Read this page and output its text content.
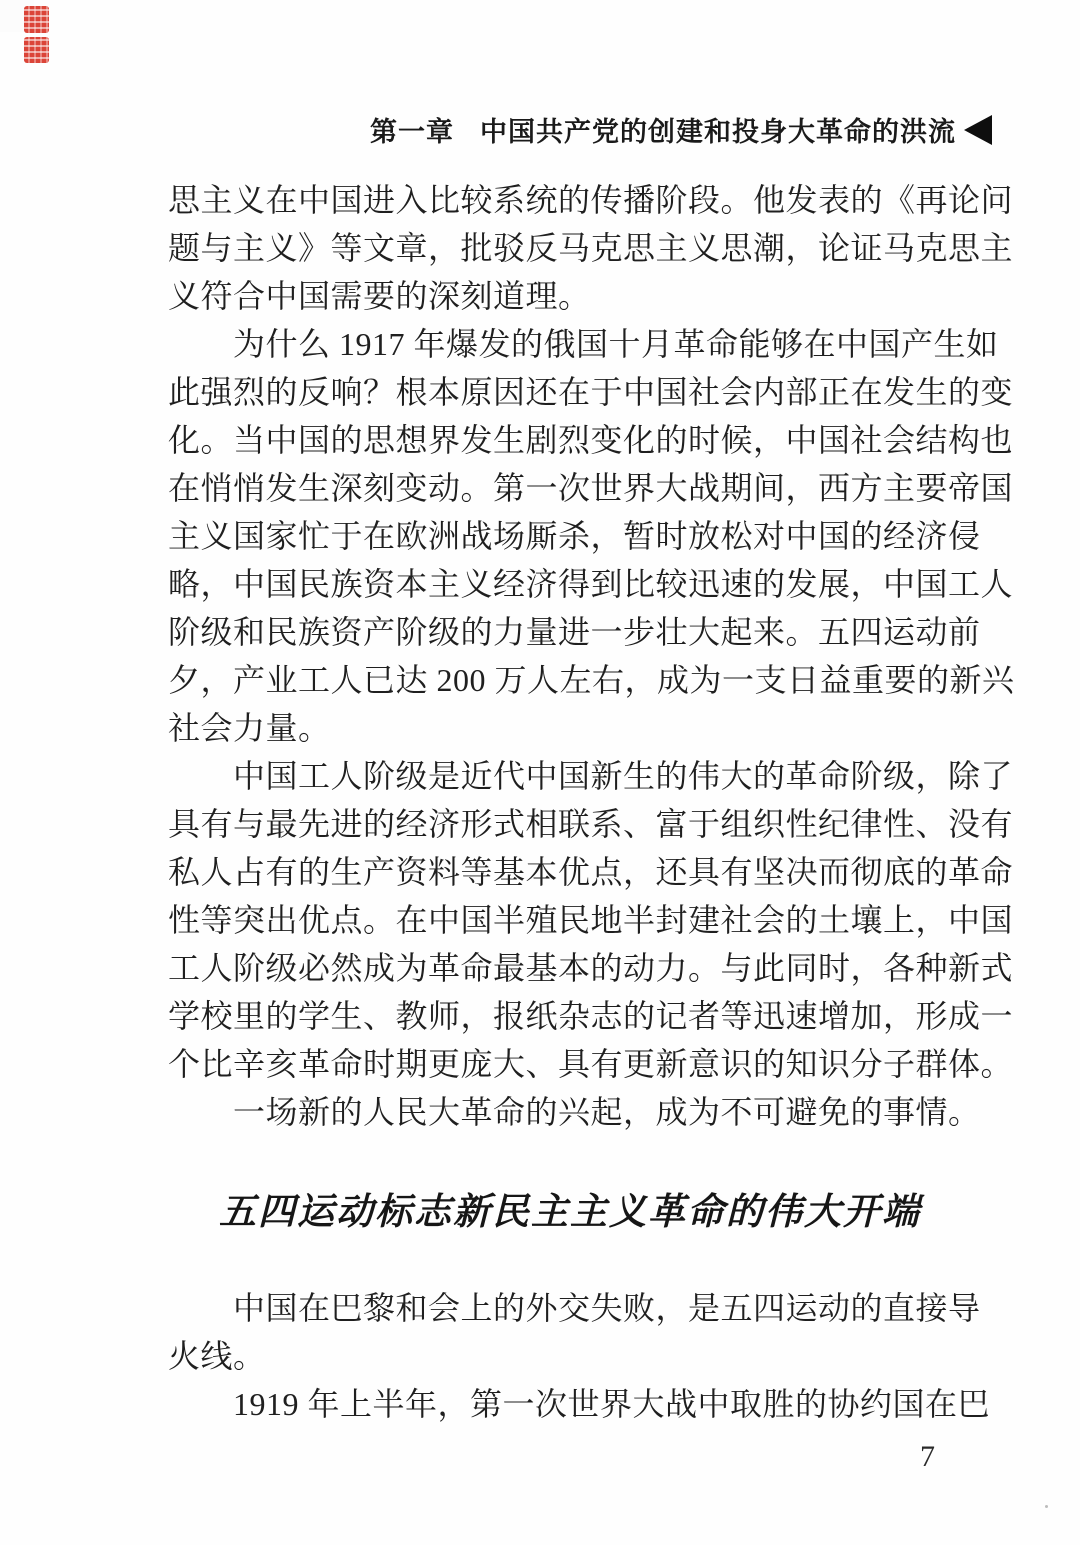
第一章 中国共产党的创建和投身大革命的洪流
思主义在中国进入比较系统的传播阶段。他发表的《再论问
题与主义》等文章，批驳反马克思主义思潮，论证马克思主
义符合中国需要的深刻道理。
为什么 1917 年爆发的俄国十月革命能够在中国产生如
此强烈的反响？根本原因还在于中国社会内部正在发生的变
化。当中国的思想界发生剧烈变化的时候，中国社会结构也
在悄悄发生深刻变动。第一次世界大战期间，西方主要帝国
主义国家忙于在欧洲战场厮杀，暂时放松对中国的经济侵
略，中国民族资本主义经济得到比较迅速的发展，中国工人
阶级和民族资产阶级的力量进一步壮大起来。五四运动前
夕，产业工人已达 200 万人左右，成为一支日益重要的新兴
社会力量。
中国工人阶级是近代中国新生的伟大的革命阶级，除了
具有与最先进的经济形式相联系、富于组织性纪律性、没有
私人占有的生产资料等基本优点，还具有坚决而彻底的革命
性等突出优点。在中国半殖民地半封建社会的土壤上，中国
工人阶级必然成为革命最基本的动力。与此同时，各种新式
学校里的学生、教师，报纸杂志的记者等迅速增加，形成一
个比辛亥革命时期更庞大、具有更新意识的知识分子群体。
一场新的人民大革命的兴起，成为不可避免的事情。
五四运动标志新民主主义革命的伟大开端
中国在巴黎和会上的外交失败，是五四运动的直接导
火线。
1919 年上半年，第一次世界大战中取胜的协约国在巴
7
